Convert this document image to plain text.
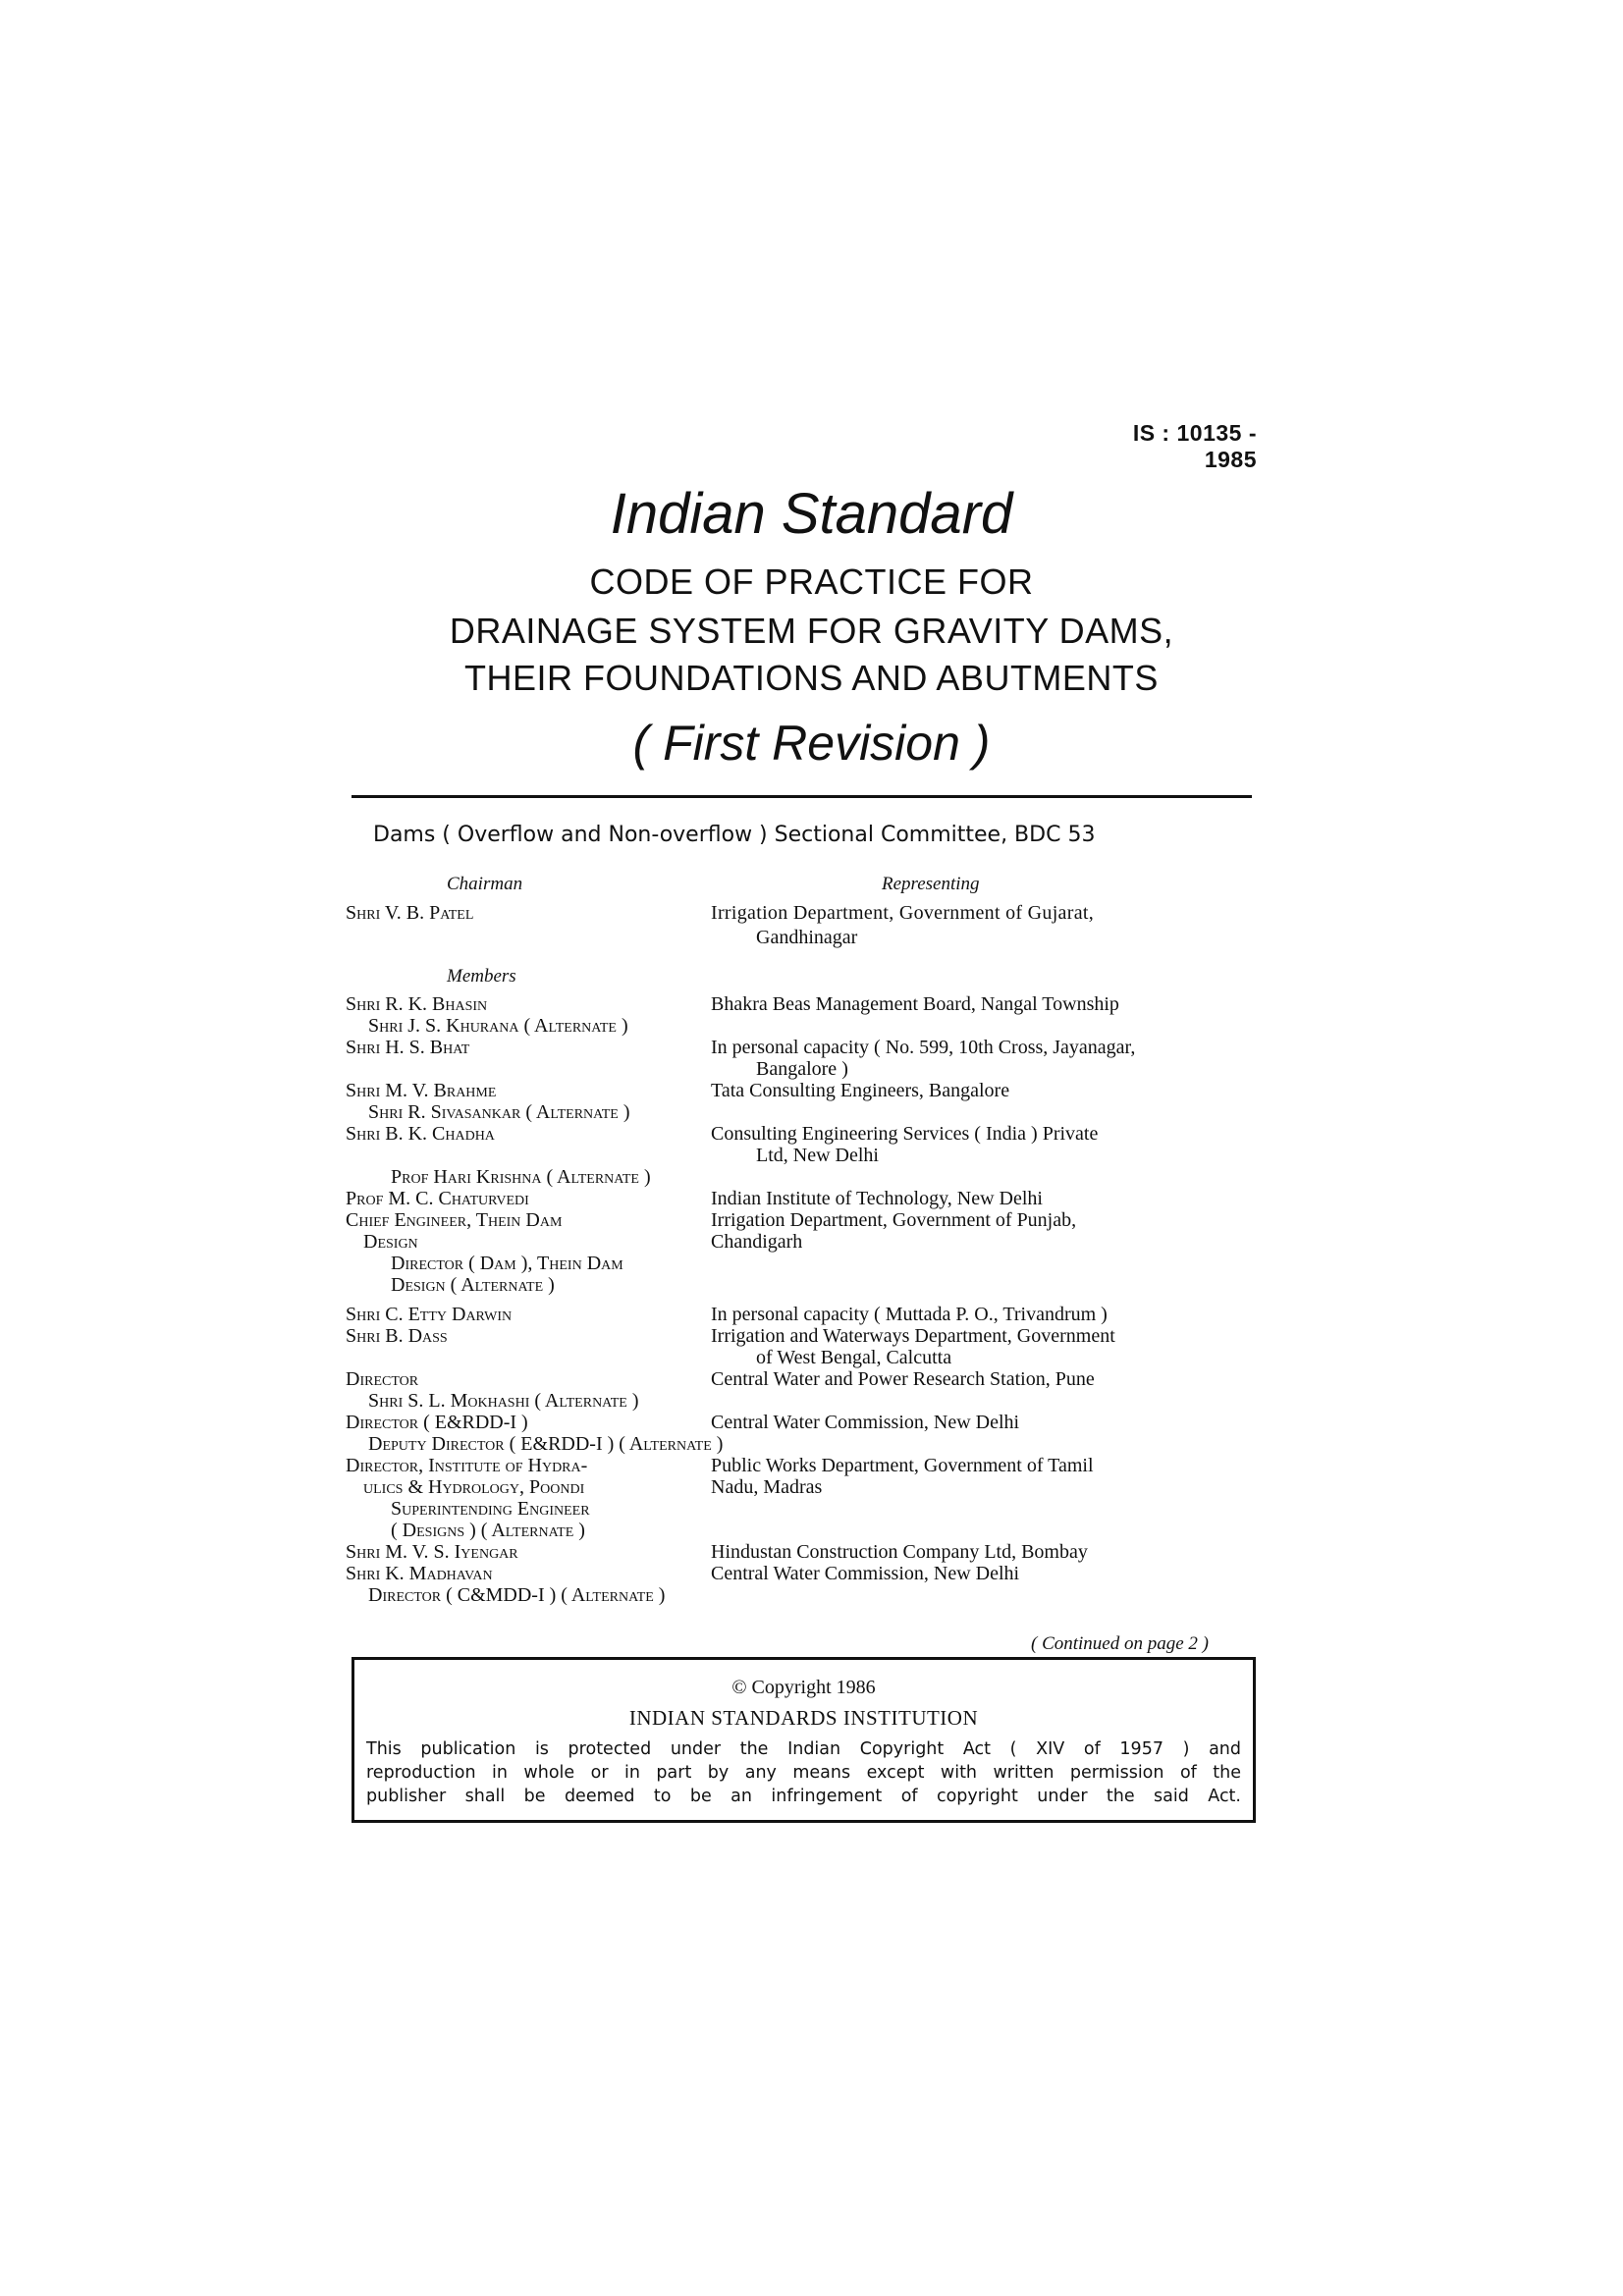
IS : 10135 - 1985
Indian Standard
CODE OF PRACTICE FOR
DRAINAGE SYSTEM FOR GRAVITY DAMS,
THEIR FOUNDATIONS AND ABUTMENTS
( First Revision )
Dams ( Overflow and Non-overflow ) Sectional Committee, BDC 53
Chairman	Representing
Shri V. B. Patel	Irrigation Department, Government of Gujarat,
Gandhinagar
Members
Shri R. K. Bhasin	Bhakra Beas Management Board, Nangal Township
Shri J. S. Khurana ( Alternate )
Shri H. S. Bhat	In personal capacity ( No. 599, 10th Cross, Jayanagar,
Bangalore )
Shri M. V. Brahme	Tata Consulting Engineers, Bangalore
Shri R. Sivasankar ( Alternate )
Shri B. K. Chadha	Consulting Engineering Services ( India ) Private
Ltd, New Delhi
Prof Hari Krishna ( Alternate )
Prof M. C. Chaturvedi	Indian Institute of Technology, New Delhi
Chief Engineer, Thein Dam	Irrigation Department, Government of Punjab,
Design	Chandigarh
Director ( Dam ), Thein Dam
Design ( Alternate )
Shri C. Etty Darwin	In personal capacity ( Muttada P. O., Trivandrum )
Shri B. Dass	Irrigation and Waterways Department, Government
of West Bengal, Calcutta
Director	Central Water and Power Research Station, Pune
Shri S. L. Mokhashi ( Alternate )
Director ( E&RDD-I )	Central Water Commission, New Delhi
Deputy Director ( E&RDD-I ) ( Alternate )
Director, Institute of Hydra-	Public Works Department, Government of Tamil
ulics & Hydrology, Poondi	Nadu, Madras
Superintending Engineer
( Designs ) ( Alternate )
Shri M. V. S. Iyengar	Hindustan Construction Company Ltd, Bombay
Shri K. Madhavan	Central Water Commission, New Delhi
Director ( C&MDD-I ) ( Alternate )
( Continued on page 2 )
© Copyright 1986
INDIAN STANDARDS INSTITUTION
This publication is protected under the Indian Copyright Act ( XIV of 1957 ) and
reproduction in whole or in part by any means except with written permission of the
publisher shall be deemed to be an infringement of copyright under the said Act.
